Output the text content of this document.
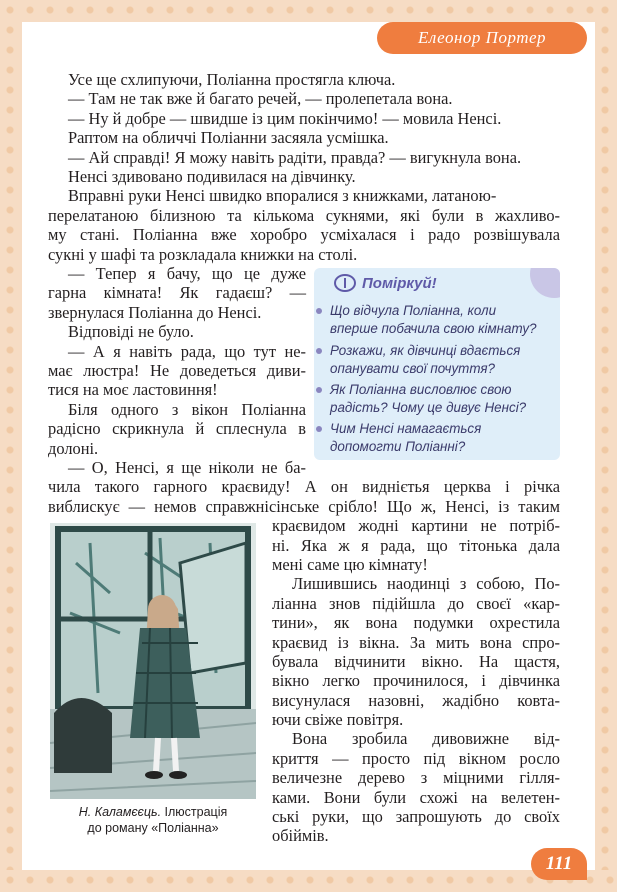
Елеонор Портер
Усе ще схлипуючи, Поліанна простягла ключа.
— Там не так вже й багато речей, — пролепетала вона.
— Ну й добре — швидше із цим покінчимо! — мовила Ненсі.
Раптом на обличчі Поліанни засяяла усмішка.
— Ай справді! Я можу навіть радіти, правда? — вигукнула вона.
Ненсі здивовано подивилася на дівчинку.
Вправні руки Ненсі швидко впоралися з книжками, латаною-
перелатаною білизною та кількома сукнями, які були в жахливо-
му стані. Поліанна вже хоробро усміхалася і радо розвішувала
сукні у шафі та розкладала книжки на столі.
— Тепер я бачу, що це дуже
гарна кімната! Як гадаєш? —
звернулася Поліанна до Ненсі.
Відповіді не було.
— А я навіть рада, що тут не-
має люстра! Не доведеться диви-
тися на моє ластовиння!
Біля одного з вікон Поліанна
радісно скрикнула й сплеснула в
долоні.
— О, Ненсі, я ще ніколи не ба-
чила такого гарного краєвиду! А он виднієтья церква і річка
виблискує — немов справжнісінське срібло! Що ж, Ненсі, із таким
краєвидом жодні картини не потріб-
ні. Яка ж я рада, що тітонька дала
мені саме цю кімнату!
Лишившись наодинці з собою, По-
ліанна знов підійшла до своєї «кар-
тини», як вона подумки охрестила
краєвид із вікна. За мить вона спро-
бувала відчинити вікно. На щастя,
вікно легко прочинилося, і дівчинка
висунулася назовні, жадібно ковта-
ючи свіже повітря.
Вона зробила дивовижне від-
криття — просто під вікном росло
величезне дерево з міцними гілля-
ками. Вони були схожі на велетен-
ські руки, що запрошують до своїх
обіймів.
Поміркуй!
Що відчула Поліанна, коли
вперше побачила свою кімнату?
Розкажи, як дівчинці вдається
опанувати свої почуття?
Як Поліанна висловлює свою
радість? Чому це дивує Ненсі?
Чим Ненсі намагається
допомогти Поліанні?
Н. Каламєєць. Ілюстрація
до роману «Поліанна»
111
